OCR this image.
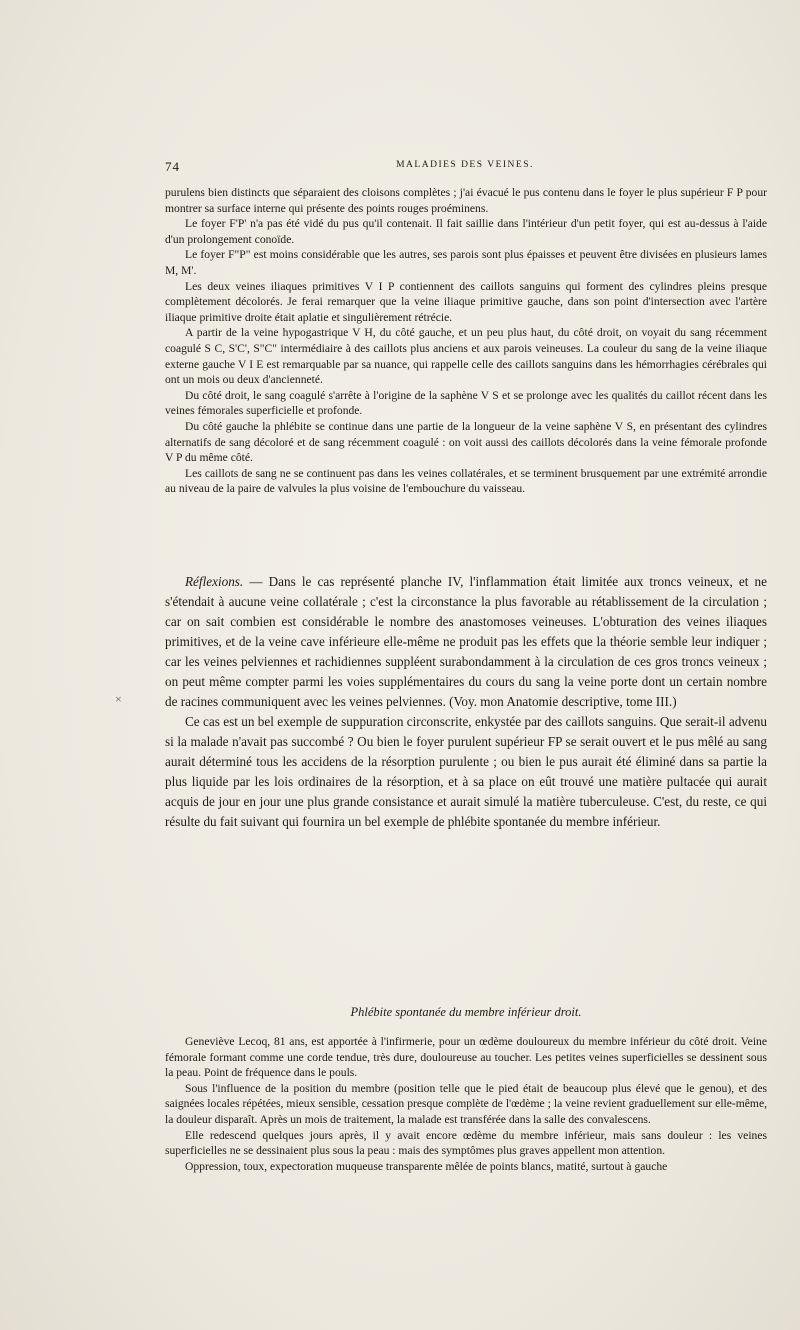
74	MALADIES DES VEINES.

purulens bien distincts que séparaient des cloisons complètes ; j'ai évacué le pus contenu dans le foyer le plus supérieur F P pour montrer sa surface interne qui présente des points rouges proéminens.

Le foyer F'P' n'a pas été vidé du pus qu'il contenait. Il fait saillie dans l'intérieur d'un petit foyer, qui est au-dessus à l'aide d'un prolongement conoïde.

Le foyer F"P" est moins considérable que les autres, ses parois sont plus épaisses et peuvent être divisées en plusieurs lames M, M'.

Les deux veines iliaques primitives V I P contiennent des caillots sanguins qui forment des cylindres pleins presque complètement décolorés. Je ferai remarquer que la veine iliaque primitive gauche, dans son point d'intersection avec l'artère iliaque primitive droite était aplatie et singulièrement rétrécie.

A partir de la veine hypogastrique V H, du côté gauche, et un peu plus haut, du côté droit, on voyait du sang récemment coagulé S C, S'C', S"C" intermédiaire à des caillots plus anciens et aux parois veineuses. La couleur du sang de la veine iliaque externe gauche V I E est remarquable par sa nuance, qui rappelle celle des caillots sanguins dans les hémorrhagies cérébrales qui ont un mois ou deux d'ancienneté.

Du côté droit, le sang coagulé s'arrête à l'origine de la saphène V S et se prolonge avec les qualités du caillot récent dans les veines fémorales superficielle et profonde.

Du côté gauche la phlébite se continue dans une partie de la longueur de la veine saphène V S, en présentant des cylindres alternatifs de sang décoloré et de sang récemment coagulé : on voit aussi des caillots décolorés dans la veine fémorale profonde V P du même côté.

Les caillots de sang ne se continuent pas dans les veines collatérales, et se terminent brusquement par une extrémité arrondie au niveau de la paire de valvules la plus voisine de l'embouchure du vaisseau.

×

Réflexions. — Dans le cas représenté planche IV, l'inflammation était limitée aux troncs veineux, et ne s'étendait à aucune veine collatérale ; c'est la circonstance la plus favorable au rétablissement de la circulation ; car on sait combien est considérable le nombre des anastomoses veineuses. L'obturation des veines iliaques primitives, et de la veine cave inférieure elle-même ne produit pas les effets que la théorie semble leur indiquer ; car les veines pelviennes et rachidiennes suppléent surabondamment à la circulation de ces gros troncs veineux ; on peut même compter parmi les voies supplémentaires du cours du sang la veine porte dont un certain nombre de racines communiquent avec les veines pelviennes. (Voy. mon Anatomie descriptive, tome III.)

Ce cas est un bel exemple de suppuration circonscrite, enkystée par des caillots sanguins. Que serait-il advenu si la malade n'avait pas succombé ? Ou bien le foyer purulent supérieur FP se serait ouvert et le pus mêlé au sang aurait déterminé tous les accidens de la résorption purulente ; ou bien le pus aurait été éliminé dans sa partie la plus liquide par les lois ordinaires de la résorption, et à sa place on eût trouvé une matière pultacée qui aurait acquis de jour en jour une plus grande consistance et aurait simulé la matière tuberculeuse. C'est, du reste, ce qui résulte du fait suivant qui fournira un bel exemple de phlébite spontanée du membre inférieur.

Phlébite spontanée du membre inférieur droit.

Geneviève Lecoq, 81 ans, est apportée à l'infirmerie, pour un œdème douloureux du membre inférieur du côté droit. Veine fémorale formant comme une corde tendue, très dure, douloureuse au toucher. Les petites veines superficielles se dessinent sous la peau. Point de fréquence dans le pouls.

Sous l'influence de la position du membre (position telle que le pied était de beaucoup plus élevé que le genou), et des saignées locales répétées, mieux sensible, cessation presque complète de l'œdème ; la veine revient graduellement sur elle-même, la douleur disparaît. Après un mois de traitement, la malade est transférée dans la salle des convalescens.

Elle redescend quelques jours après, il y avait encore œdème du membre inférieur, mais sans douleur : les veines superficielles ne se dessinaient plus sous la peau : mais des symptômes plus graves appellent mon attention.

Oppression, toux, expectoration muqueuse transparente mêlée de points blancs, matité, surtout à gauche
